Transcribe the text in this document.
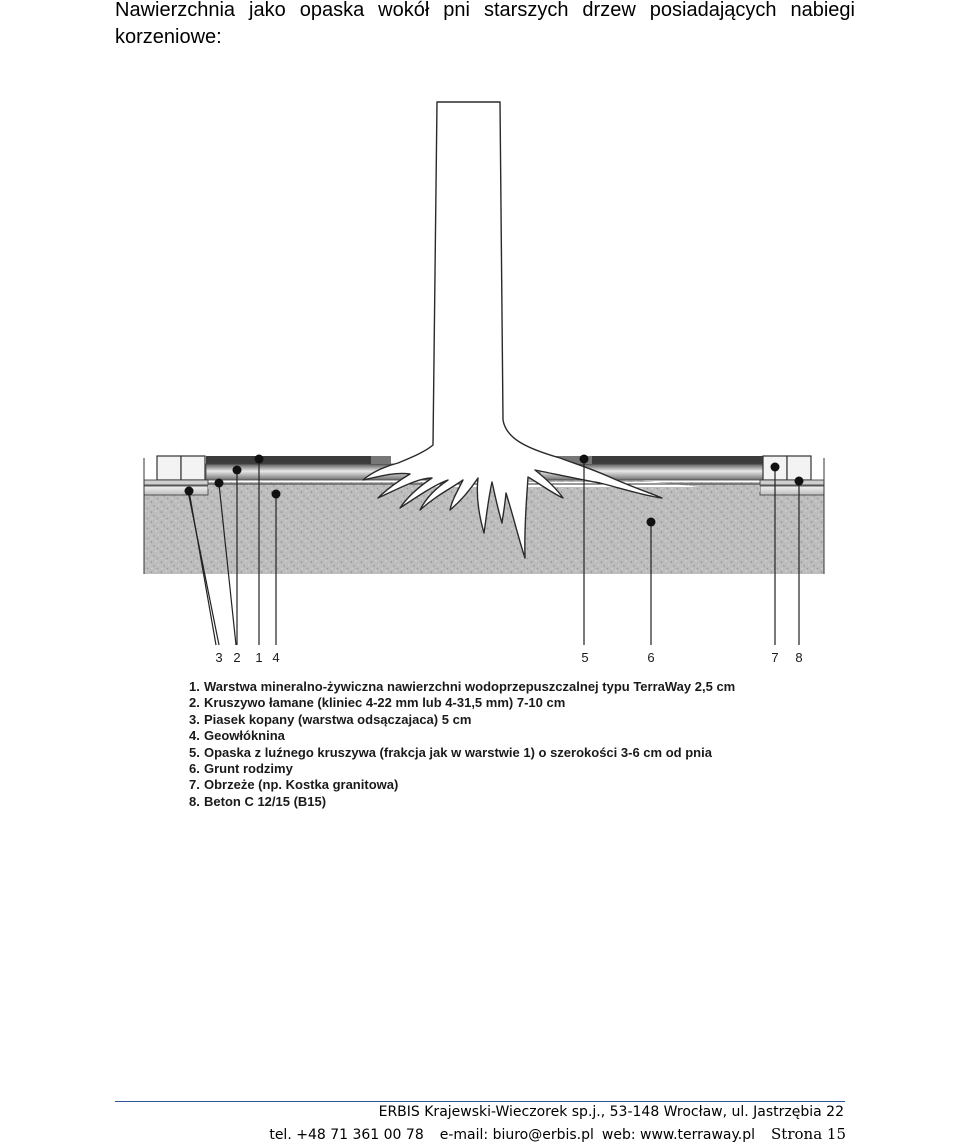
Nawierzchnia jako opaska wokół pni starszych drzew posiadających nabiegi korzeniowe:
3 2 1 4	5	6	7 8
1. Warstwa mineralno-żywiczna nawierzchni wodoprzepuszczalnej typu TerraWay 2,5 cm
2. Kruszywo łamane (kliniec 4-22 mm lub 4-31,5 mm) 7-10 cm
3. Piasek kopany (warstwa odsączajaca) 5 cm
4. Geowłóknina
5. Opaska z luźnego kruszywa (frakcja jak w warstwie 1) o szerokości 3-6 cm od pnia
6. Grunt rodzimy
7. Obrzeże (np. Kostka granitowa)
8. Beton C 12/15 (B15)
ERBIS Krajewski-Wieczorek sp.j., 53-148 Wrocław, ul. Jastrzębia 22
tel. +48 71 361 00 78 e-mail: biuro@erbis.pl web: www.terraway.pl Strona 15
